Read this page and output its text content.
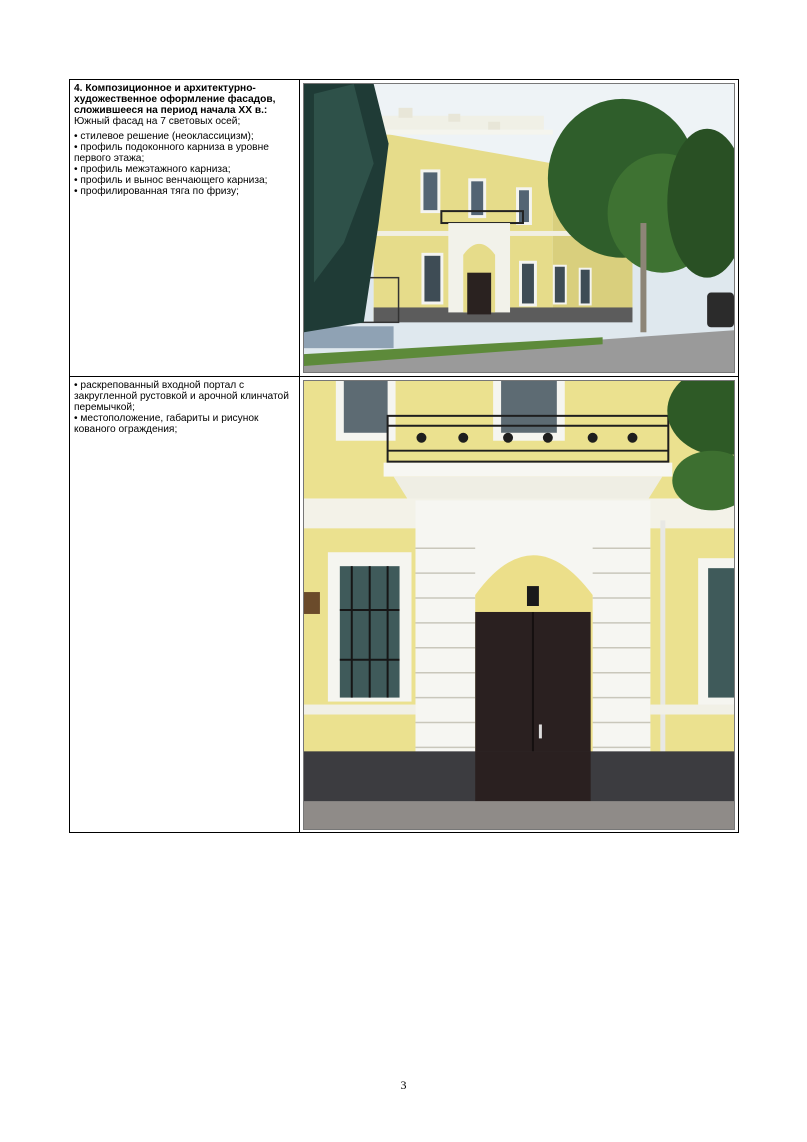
4. Композиционное и архитектурно-художественное оформление фасадов, сложившееся на период начала XX в.:

Южный фасад на 7 световых осей;

• стилевое решение (неоклассицизм);

• профиль подоконного карниза в уровне первого этажа;

• профиль межэтажного карниза;

• профиль и вынос венчающего карниза;

• профилированная тяга по фризу;

• раскрепованный входной портал с закругленной рустовкой и арочной клинчатой перемычкой;

• местоположение, габариты и рисунок кованого ограждения;

3
